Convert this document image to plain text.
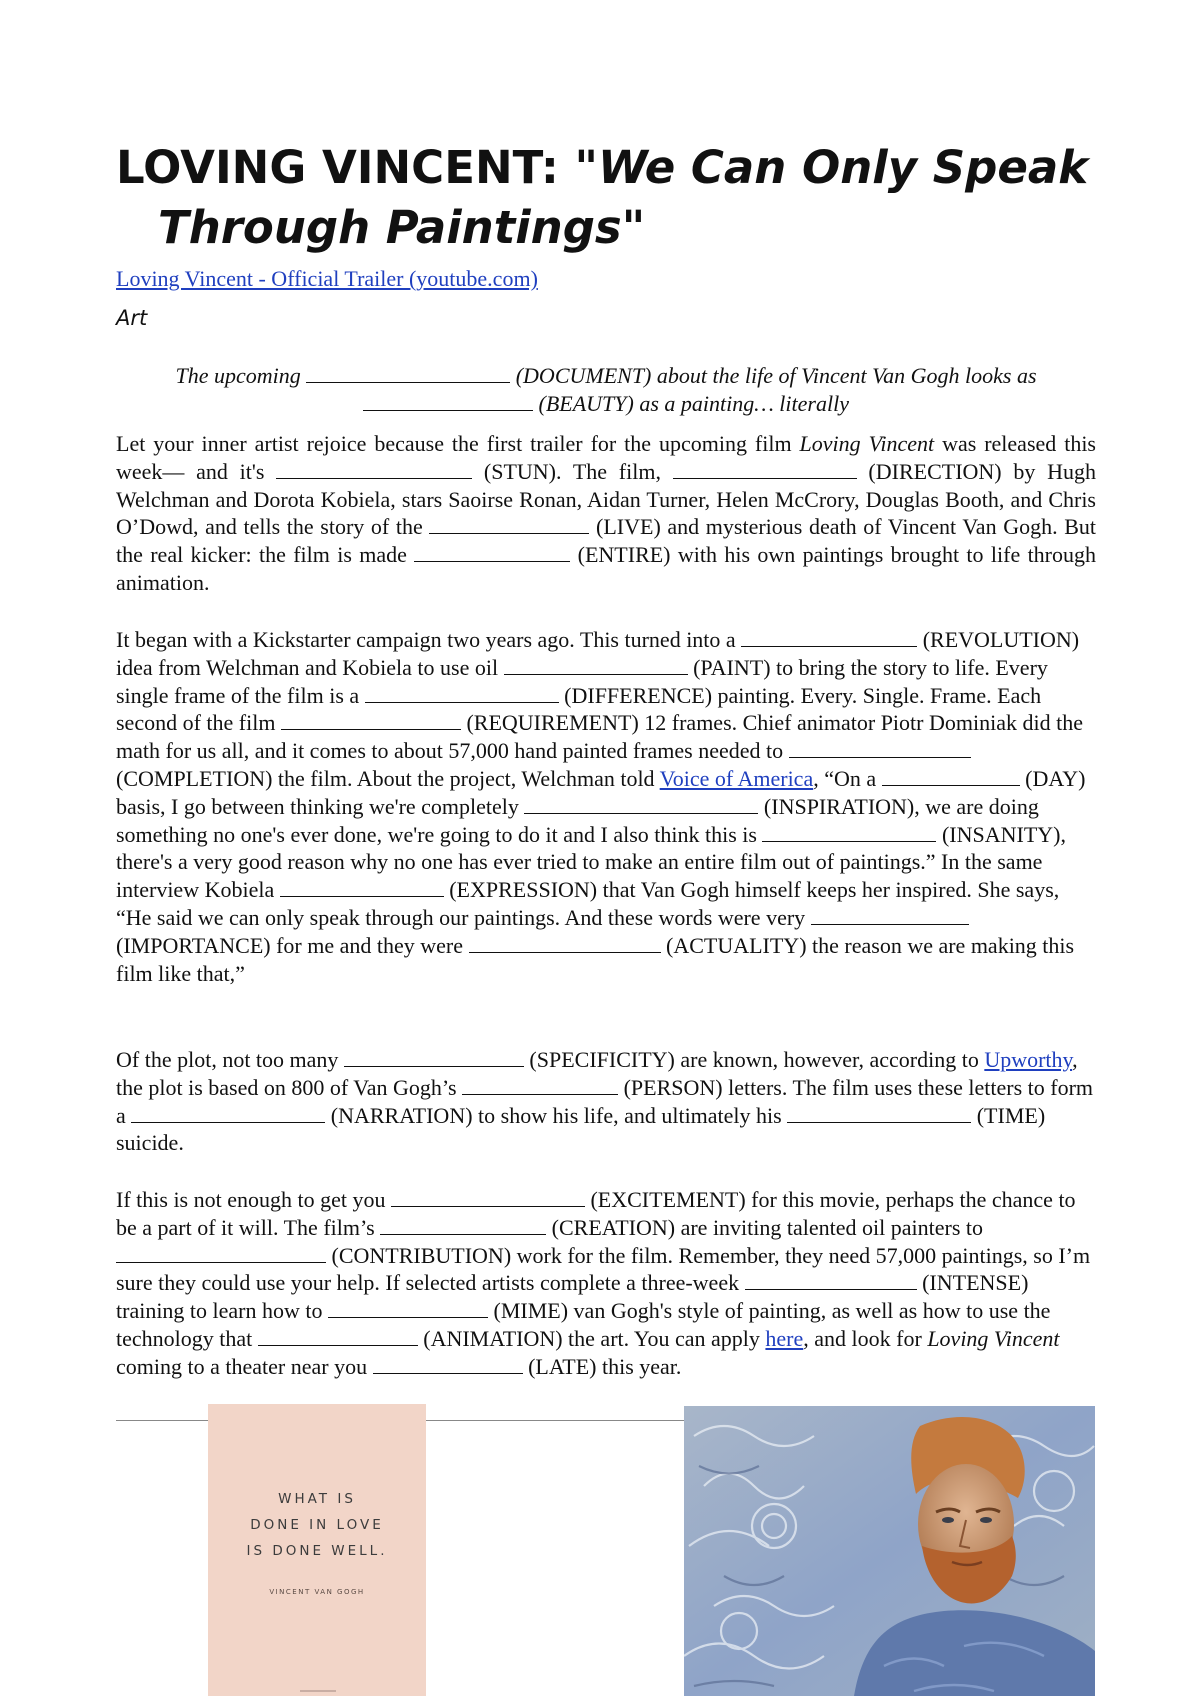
LOVING VINCENT: "We Can Only Speak Through Paintings"
Loving Vincent - Official Trailer (youtube.com)
Art

The upcoming	(DOCUMENT) about the life of Vincent Van Gogh looks as
(BEAUTY) as a painting… literally

Let your inner artist rejoice because the first trailer for the upcoming film Loving Vincent was released this week— and it's	(STUN). The film,	(DIRECTION) by Hugh Welchman and Dorota Kobiela, stars Saoirse Ronan, Aidan Turner, Helen McCrory, Douglas Booth, and Chris O’Dowd, and tells the story of the	(LIVE) and mysterious death of Vincent Van Gogh. But the real kicker: the film is made	(ENTIRE) with his own paintings brought to life through animation.

It began with a Kickstarter campaign two years ago. This turned into a	(REVOLUTION) idea from Welchman and Kobiela to use oil	(PAINT) to bring the story to life. Every single frame of the film is a	(DIFFERENCE) painting. Every. Single. Frame. Each second of the film	(REQUIREMENT) 12 frames. Chief animator Piotr Dominiak did the math for us all, and it comes to about 57,000 hand painted frames needed to  (COMPLETION) the film. About the project, Welchman told Voice of America, “On a	(DAY) basis, I go between thinking we're completely	(INSPIRATION), we are doing something no one's ever done, we're going to do it and I also think this is	(INSANITY), there's a very good reason why no one has ever tried to make an entire film out of paintings.” In the same interview Kobiela	(EXPRESSION) that Van Gogh himself keeps her inspired. She says, “He said we can only speak through our paintings. And these words were very  (IMPORTANCE) for me and they were	(ACTUALITY) the reason we are making this film like that,”

Of the plot, not too many	(SPECIFICITY) are known, however, according to Upworthy, the plot is based on 800 of Van Gogh’s	(PERSON) letters. The film uses these letters to form a	(NARRATION) to show his life, and ultimately his	(TIME) suicide.

If this is not enough to get you	(EXCITEMENT) for this movie, perhaps the chance to be a part of it will. The film’s	(CREATION) are inviting talented oil painters to  (CONTRIBUTION) work for the film. Remember, they need 57,000 paintings, so I’m sure they could use your help. If selected artists complete a three-week	(INTENSE) training to learn how to	(MIME) van Gogh's style of painting, as well as how to use the technology that	(ANIMATION) the art. You can apply here, and look for Loving Vincent coming to a theater near you	(LATE) this year.

WHAT IS
DONE IN LOVE
IS DONE WELL.
VINCENT VAN GOGH
